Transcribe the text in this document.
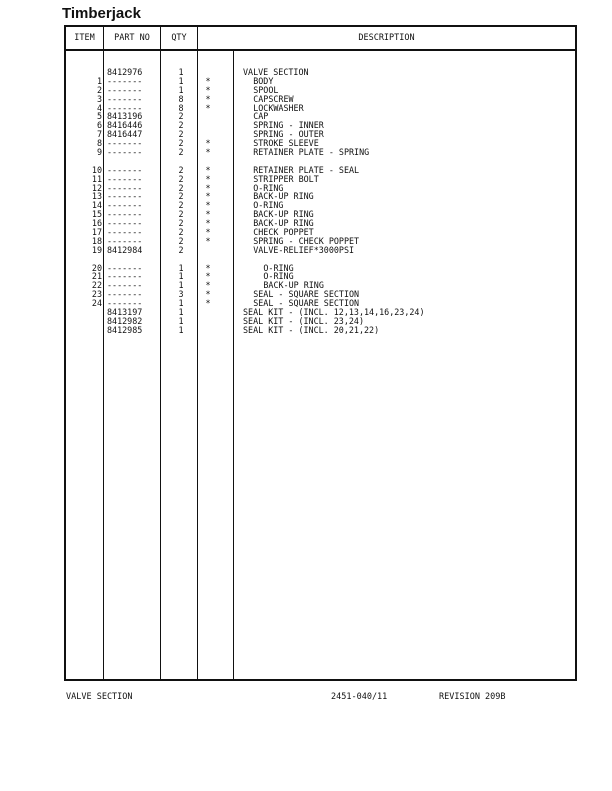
Timberjack
ITEM	PART NO	QTY	DESCRIPTION
8412976	1	VALVE SECTION
1 -------	1	*	BODY
2 -------	1	*	SPOOL
3 -------	8	*	CAPSCREW
4 -------	8	*	LOCKWASHER
5 8413196	2	CAP
6 8416446	2	SPRING - INNER
7 8416447	2	SPRING - OUTER
8 -------	2	*	STROKE SLEEVE
9 -------	2	*	RETAINER PLATE - SPRING
10 -------	2	*	RETAINER PLATE - SEAL
11 -------	2	*	STRIPPER BOLT
12 -------	2	*	O-RING
13 -------	2	*	BACK-UP RING
14 -------	2	*	O-RING
15 -------	2	*	BACK-UP RING
16 -------	2	*	BACK-UP RING
17 -------	2	*	CHECK POPPET
18 -------	2	*	SPRING - CHECK POPPET
19 8412984	2	VALVE-RELIEF*3000PSI
20 -------	1	*	O-RING
21 -------	1	*	O-RING
22 -------	1	*	BACK-UP RING
23 -------	3	*	SEAL - SQUARE SECTION
24 -------	1	*	SEAL - SQUARE SECTION
8413197	1	SEAL KIT - (INCL. 12,13,14,16,23,24)
8412982	1	SEAL KIT - (INCL. 23,24)
8412985	1	SEAL KIT - (INCL. 20,21,22)
VALVE SECTION	2451-040/11	REVISION 209B
